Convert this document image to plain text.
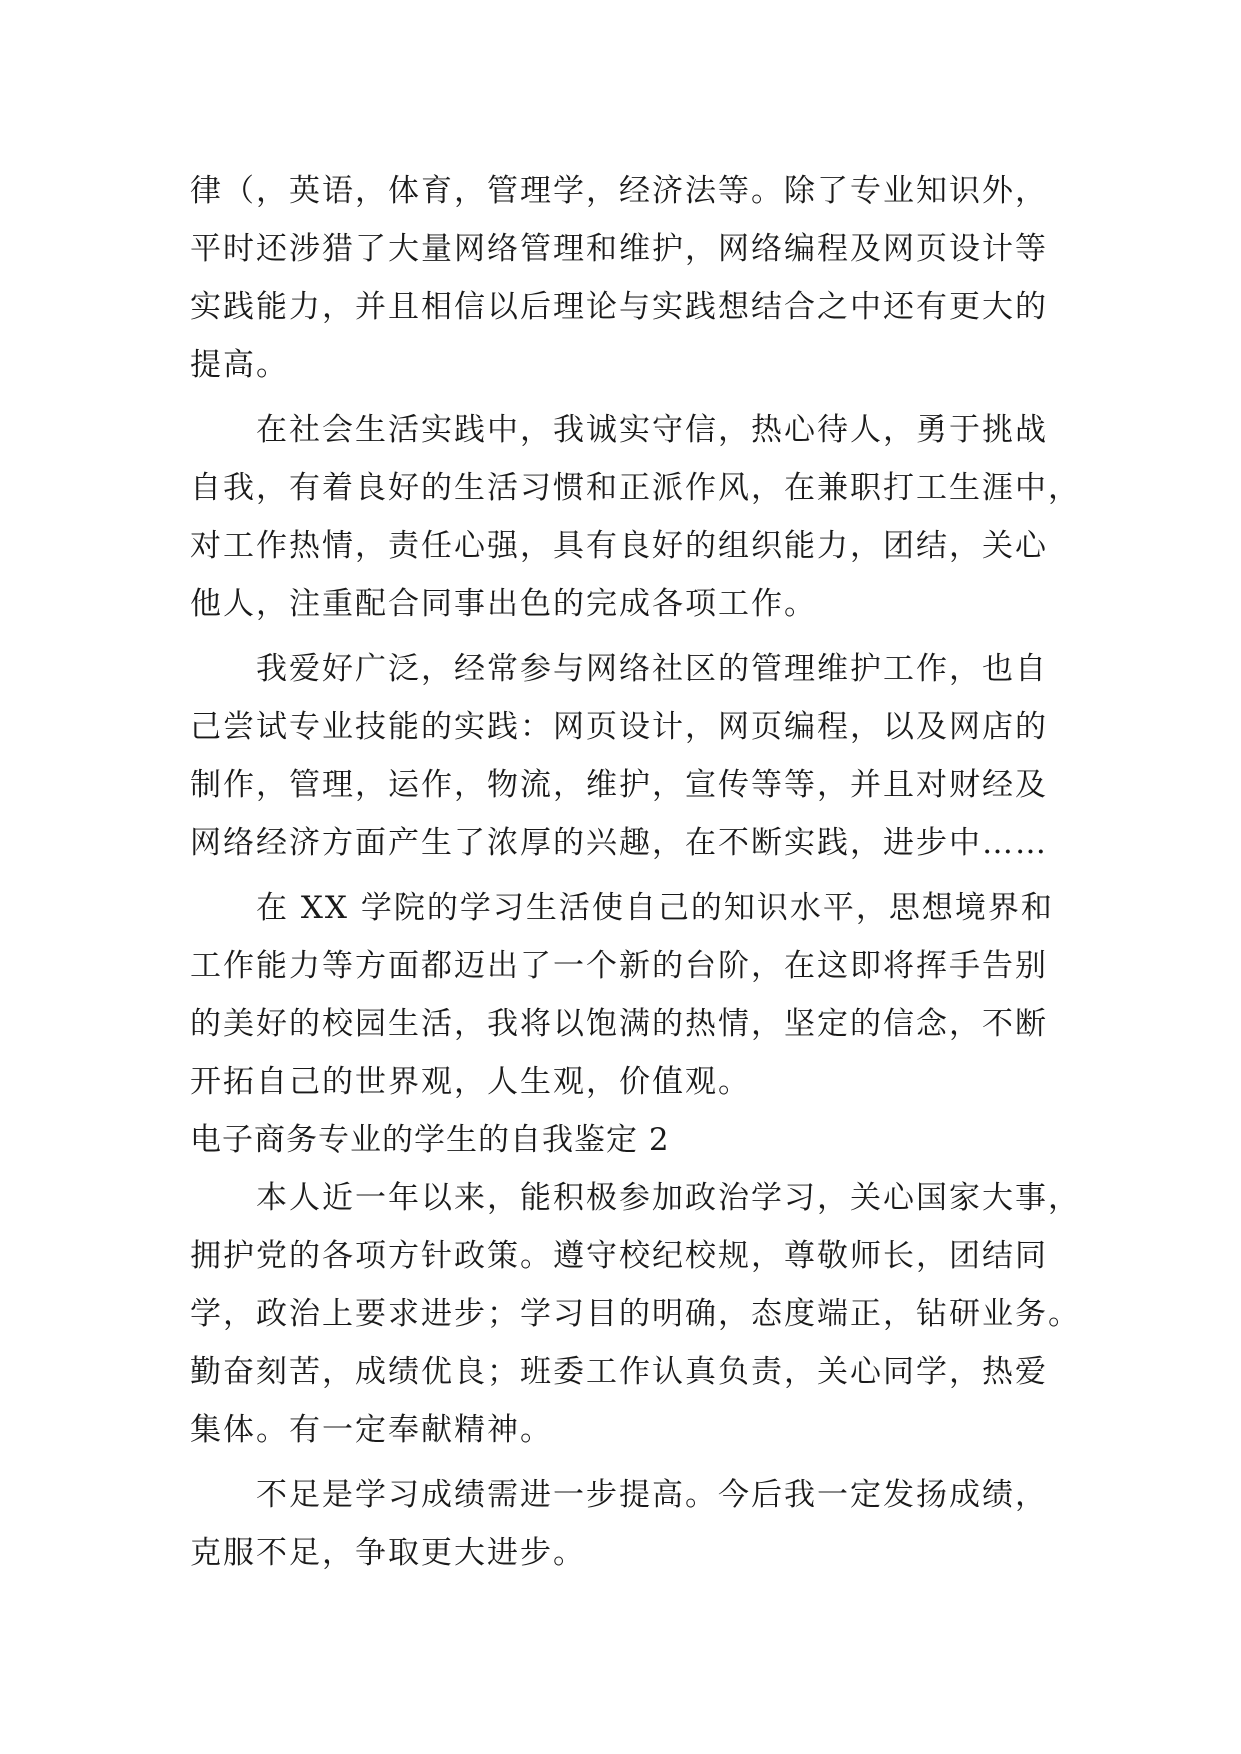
律（，英语，体育，管理学，经济法等。除了专业知识外，
平时还涉猎了大量网络管理和维护，网络编程及网页设计等
实践能力，并且相信以后理论与实践想结合之中还有更大的
提高。
在社会生活实践中，我诚实守信，热心待人，勇于挑战
自我，有着良好的生活习惯和正派作风，在兼职打工生涯中，
对工作热情，责任心强，具有良好的组织能力，团结，关心
他人，注重配合同事出色的完成各项工作。
我爱好广泛，经常参与网络社区的管理维护工作，也自
己尝试专业技能的实践：网页设计，网页编程，以及网店的
制作，管理，运作，物流，维护，宣传等等，并且对财经及
网络经济方面产生了浓厚的兴趣，在不断实践，进步中……
在 XX 学院的学习生活使自己的知识水平，思想境界和
工作能力等方面都迈出了一个新的台阶，在这即将挥手告别
的美好的校园生活，我将以饱满的热情，坚定的信念，不断
开拓自己的世界观，人生观，价值观。
电子商务专业的学生的自我鉴定 2
本人近一年以来，能积极参加政治学习，关心国家大事，
拥护党的各项方针政策。遵守校纪校规，尊敬师长，团结同
学，政治上要求进步；学习目的明确，态度端正，钻研业务。
勤奋刻苦，成绩优良；班委工作认真负责，关心同学，热爱
集体。有一定奉献精神。
不足是学习成绩需进一步提高。今后我一定发扬成绩，
克服不足，争取更大进步。
